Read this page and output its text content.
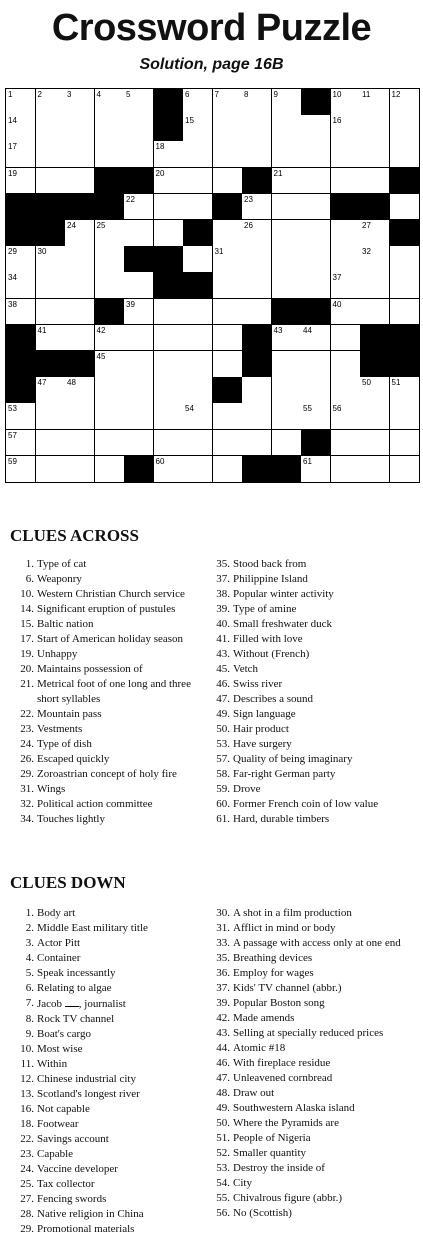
Crossword Puzzle
Solution, page 16B
1	2	3	4	5	6	7	8	9	10	11	12
14	15	16
17	18
19	20	21
22	23
24	25	26	27
29	30	31	32
34	37
38	39	40
41	42	43	44
45
47	48	50	51
53	54	55	56
57
59	60	61
CLUES ACROSS
1. Type of cat
6. Weaponry
10. Western Christian Church service
14. Significant eruption of pustules
15. Baltic nation
17. Start of American holiday season
19. Unhappy
20. Maintains possession of
21. Metrical foot of one long and three short syllables
22. Mountain pass
23. Vestments
24. Type of dish
26. Escaped quickly
29. Zoroastrian concept of holy fire
31. Wings
32. Political action committee
34. Touches lightly
35. Stood back from
37. Philippine Island
38. Popular winter activity
39. Type of amine
40. Small freshwater duck
41. Filled with love
43. Without (French)
45. Vetch
46. Swiss river
47. Describes a sound
49. Sign language
50. Hair product
53. Have surgery
57. Quality of being imaginary
58. Far-right German party
59. Drove
60. Former French coin of low value
61. Hard, durable timbers
CLUES DOWN
1. Body art
2. Middle East military title
3. Actor Pitt
4. Container
5. Speak incessantly
6. Relating to algae
7. Jacob , journalist
8. Rock TV channel
9. Boat's cargo
10. Most wise
11. Within
12. Chinese industrial city
13. Scotland's longest river
16. Not capable
18. Footwear
22. Savings account
23. Capable
24. Vaccine developer
25. Tax collector
27. Fencing swords
28. Native religion in China
29. Promotional materials
30. A shot in a film production
31. Afflict in mind or body
33. A passage with access only at one end
35. Breathing devices
36. Employ for wages
37. Kids' TV channel (abbr.)
39. Popular Boston song
42. Made amends
43. Selling at specially reduced prices
44. Atomic #18
46. With fireplace residue
47. Unleavened cornbread
48. Draw out
49. Southwestern Alaska island
50. Where the Pyramids are
51. People of Nigeria
52. Smaller quantity
53. Destroy the inside of
54. City
55. Chivalrous figure (abbr.)
56. No (Scottish)
